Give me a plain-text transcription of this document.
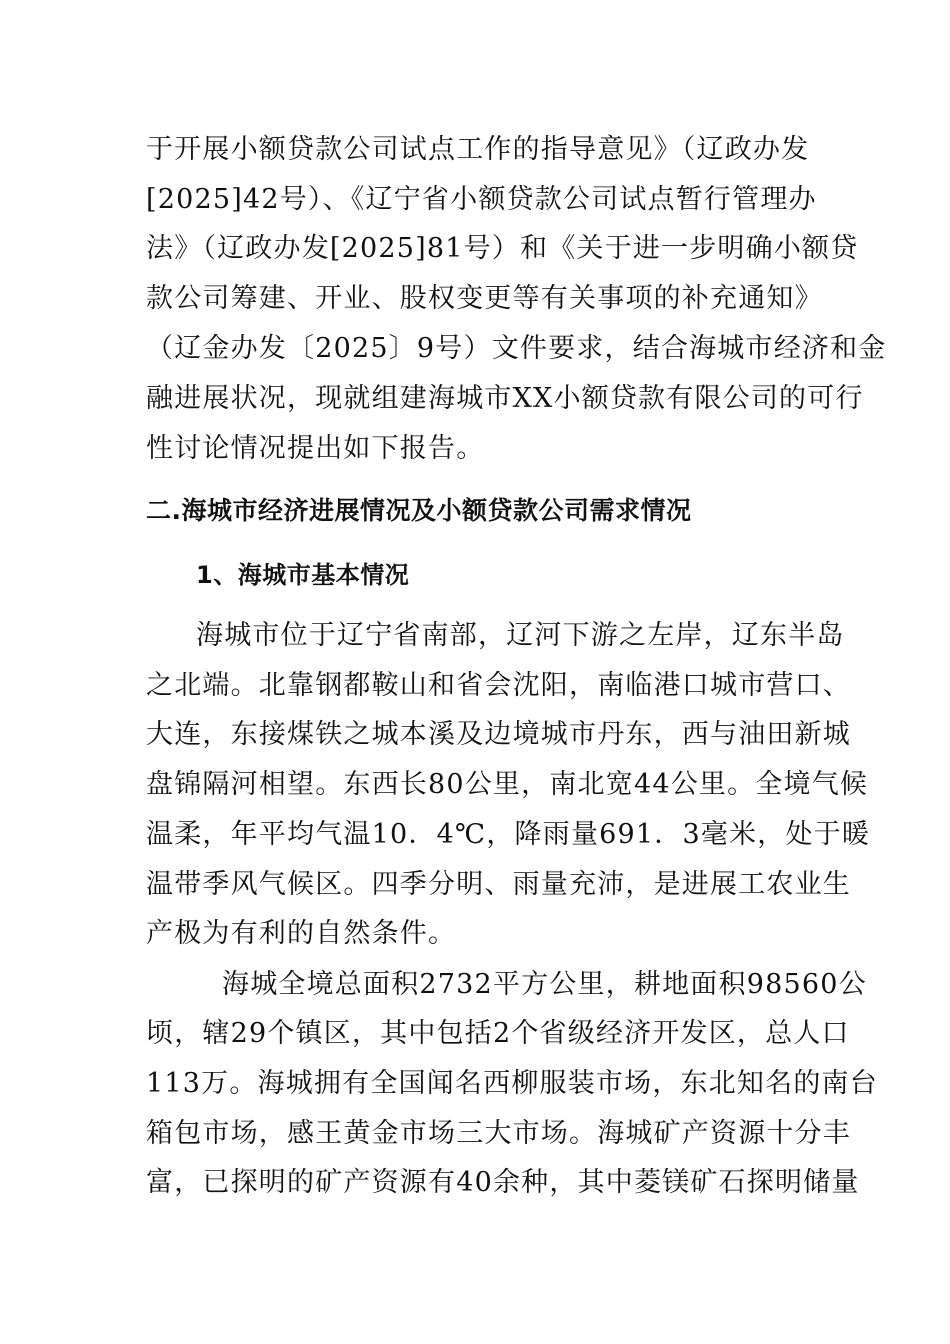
于开展小额贷款公司试点工作的指导意见》（辽政办发
[2025]42号）、《辽宁省小额贷款公司试点暂行管理办
法》（辽政办发[2025]81号）和《关于进一步明确小额贷
款公司筹建、开业、股权变更等有关事项的补充通知》
（辽金办发〔2025〕9号）文件要求，结合海城市经济和金
融进展状况，现就组建海城市XX小额贷款有限公司的可行
性讨论情况提出如下报告。
二.海城市经济进展情况及小额贷款公司需求情况
1、海城市基本情况
海城市位于辽宁省南部，辽河下游之左岸，辽东半岛
之北端。北靠钢都鞍山和省会沈阳，南临港口城市营口、
大连，东接煤铁之城本溪及边境城市丹东，西与油田新城
盘锦隔河相望。东西长80公里，南北宽44公里。全境气候
温柔，年平均气温10．4℃，降雨量691．3毫米，处于暖
温带季风气候区。四季分明、雨量充沛，是进展工农业生
产极为有利的自然条件。
海城全境总面积2732平方公里，耕地面积98560公
顷，辖29个镇区，其中包括2个省级经济开发区，总人口
113万。海城拥有全国闻名西柳服装市场，东北知名的南台
箱包市场，感王黄金市场三大市场。海城矿产资源十分丰
富，已探明的矿产资源有40余种，其中菱镁矿石探明储量
